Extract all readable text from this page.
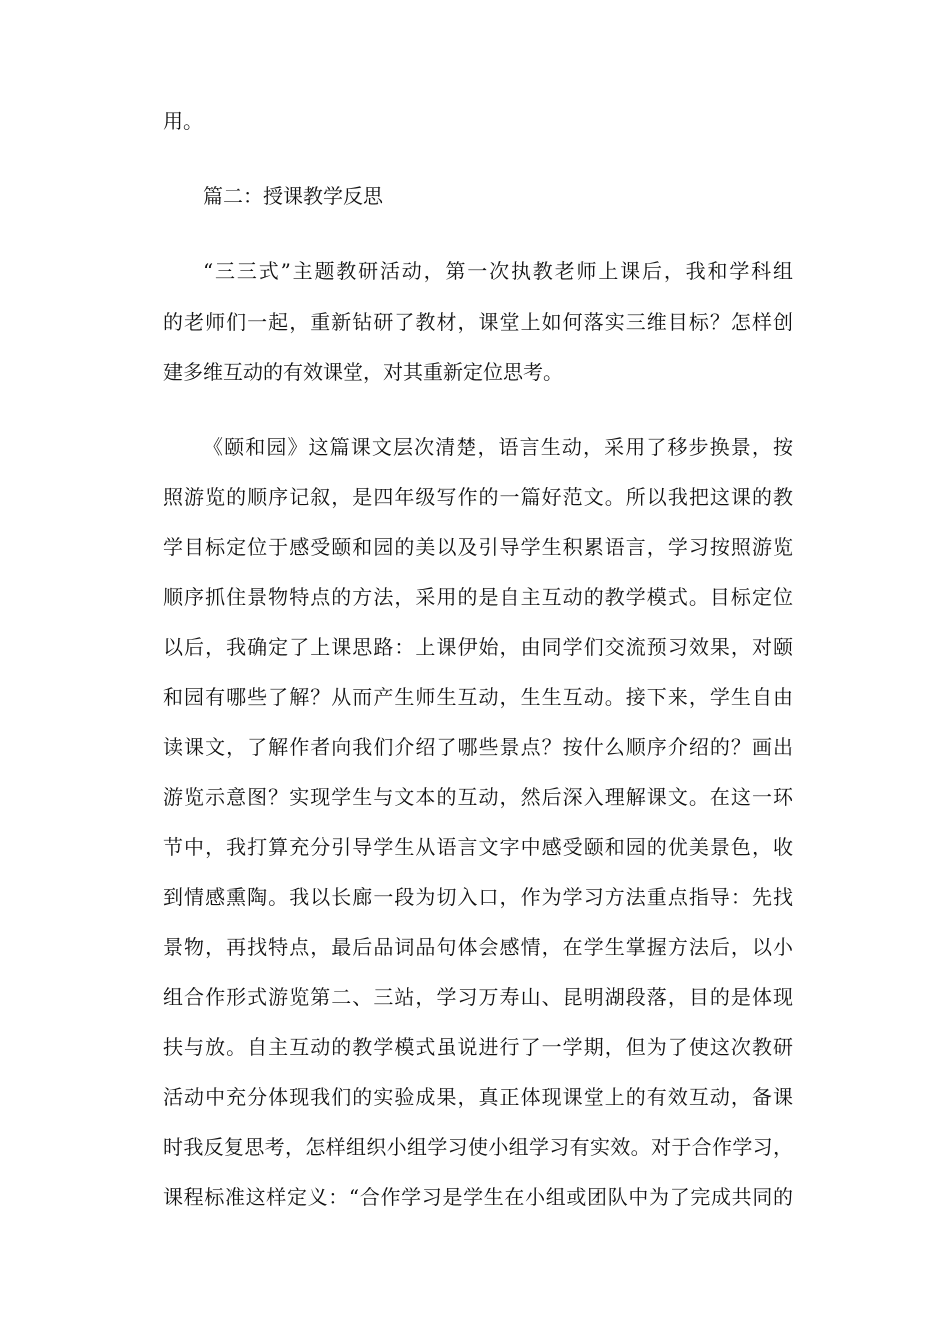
用。
篇二：授课教学反思
“三三式”主题教研活动，第一次执教老师上课后，我和学科组
的老师们一起，重新钻研了教材，课堂上如何落实三维目标？怎样创
建多维互动的有效课堂，对其重新定位思考。
《颐和园》这篇课文层次清楚，语言生动，采用了移步换景，按
照游览的顺序记叙，是四年级写作的一篇好范文。所以我把这课的教
学目标定位于感受颐和园的美以及引导学生积累语言，学习按照游览
顺序抓住景物特点的方法，采用的是自主互动的教学模式。目标定位
以后，我确定了上课思路：上课伊始，由同学们交流预习效果，对颐
和园有哪些了解？从而产生师生互动，生生互动。接下来，学生自由
读课文，了解作者向我们介绍了哪些景点？按什么顺序介绍的？画出
游览示意图？实现学生与文本的互动，然后深入理解课文。在这一环
节中，我打算充分引导学生从语言文字中感受颐和园的优美景色，收
到情感熏陶。我以长廊一段为切入口，作为学习方法重点指导：先找
景物，再找特点，最后品词品句体会感情，在学生掌握方法后，以小
组合作形式游览第二、三站，学习万寿山、昆明湖段落，目的是体现
扶与放。自主互动的教学模式虽说进行了一学期，但为了使这次教研
活动中充分体现我们的实验成果，真正体现课堂上的有效互动，备课
时我反复思考，怎样组织小组学习使小组学习有实效。对于合作学习，
课程标准这样定义：“合作学习是学生在小组或团队中为了完成共同的
